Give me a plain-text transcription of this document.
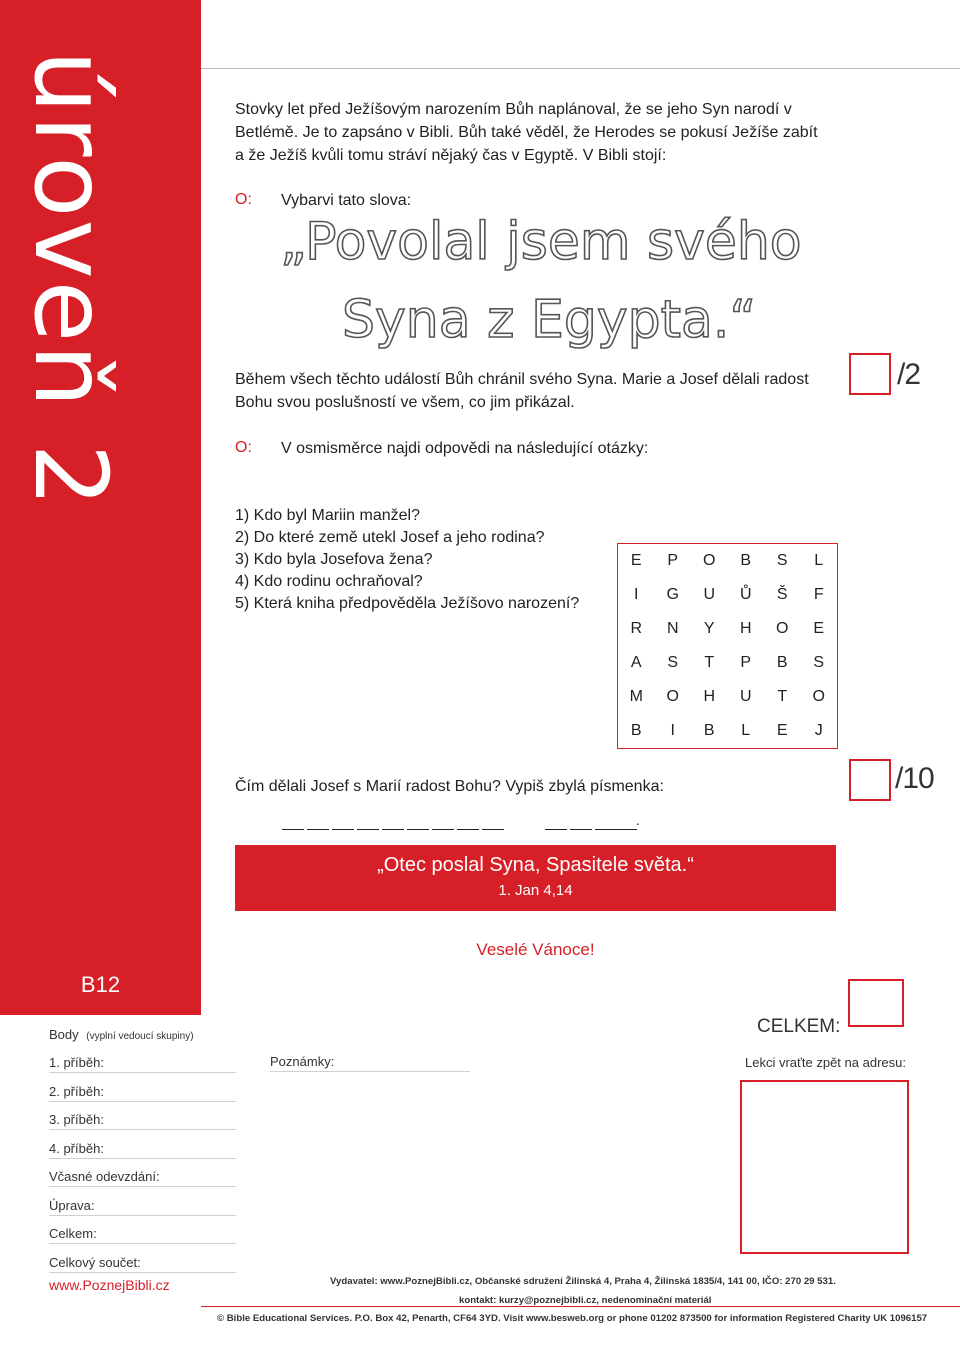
úroveň 2
B12
Stovky let před Ježíšovým narozením Bůh naplánoval, že se jeho Syn narodí v Betlémě. Je to zapsáno v Bibli. Bůh také věděl, že Herodes se pokusí Ježíše zabít a že Ježíš kvůli tomu stráví nějaký čas v Egyptě. V Bibli stojí:
O: Vybarvi tato slova:
„Povolal jsem svého
Syna z Egypta.“
Během všech těchto událostí Bůh chránil svého Syna. Marie a Josef dělali radost Bohu svou poslušností ve všem, co jim přikázal.
/2
O: V osmisměrce najdi odpovědi na následující otázky:
1) Kdo byl Mariin manžel?
2) Do které země utekl Josef a jeho rodina?
3) Kdo byla Josefova žena?
4) Kdo rodinu ochraňoval?
5) Která kniha předpověděla Ježíšovo narození?
E	P	O	B	S	L
I	G	U	Ů	Š	F
R	N	Y	H	O	E
A	S	T	P	B	S
M	O	H	U	T	O
B	I	B	L	E	J
Čím dělali Josef s Marií radost Bohu? Vypiš zbylá písmenka:	/10
.
„Otec poslal Syna, Spasitele světa.“
1. Jan 4,14
Veselé Vánoce!
CELKEM:
Lekci vraťte zpět na adresu:
Body (vyplní vedoucí skupiny)
1. příběh:
2. příběh:
3. příběh:
4. příběh:
Včasné odevzdání:
Úprava:
Celkem:
Celkový součet:
Poznámky:
www.PoznejBibli.cz	Vydavatel: www.PoznejBibli.cz, Občanské sdružení Žilinská 4, Praha 4, Žilinská 1835/4, 141 00, IČO: 270 29 531.
kontakt: kurzy@poznejbibli.cz, nedenominační materiál
© Bible Educational Services. P.O. Box 42, Penarth, CF64 3YD. Visit www.besweb.org or phone 01202 873500 for information Registered Charity UK 1096157
